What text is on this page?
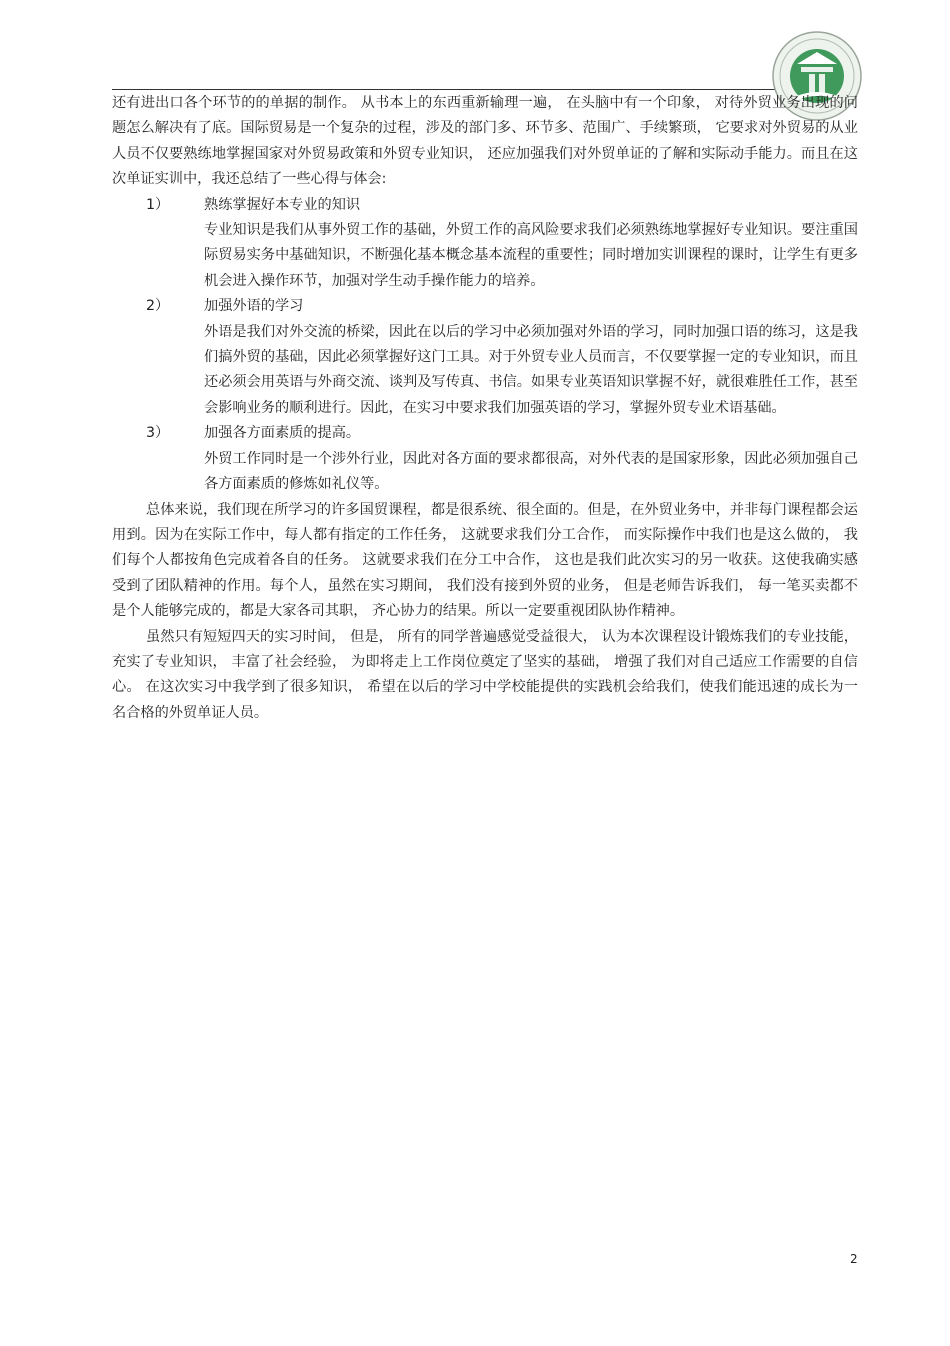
还有进出口各个环节的的单据的制作。 从书本上的东西重新输理一遍， 在头脑中有一个印象， 对待外贸业务出现的问题怎么解决有了底。国际贸易是一个复杂的过程，涉及的部门多、环节多、范围广、手续繁琐， 它要求对外贸易的从业人员不仅要熟练地掌握国家对外贸易政策和外贸专业知识， 还应加强我们对外贸单证的了解和实际动手能力。而且在这次单证实训中，我还总结了一些心得与体会:

1）	熟练掌握好本专业的知识

专业知识是我们从事外贸工作的基础，外贸工作的高风险要求我们必须熟练地掌握好专业知识。要注重国际贸易实务中基础知识，不断强化基本概念基本流程的重要性；同时增加实训课程的课时，让学生有更多机会进入操作环节，加强对学生动手操作能力的培养。

2）	加强外语的学习

外语是我们对外交流的桥梁，因此在以后的学习中必须加强对外语的学习，同时加强口语的练习，这是我们搞外贸的基础，因此必须掌握好这门工具。对于外贸专业人员而言，不仅要掌握一定的专业知识，而且还必须会用英语与外商交流、谈判及写传真、书信。如果专业英语知识掌握不好，就很难胜任工作，甚至会影响业务的顺利进行。因此，在实习中要求我们加强英语的学习，掌握外贸专业术语基础。

3）	加强各方面素质的提高。

外贸工作同时是一个涉外行业，因此对各方面的要求都很高，对外代表的是国家形象，因此必须加强自己各方面素质的修炼如礼仪等。

总体来说，我们现在所学习的许多国贸课程，都是很系统、很全面的。但是，在外贸业务中，并非每门课程都会运用到。因为在实际工作中，每人都有指定的工作任务， 这就要求我们分工合作， 而实际操作中我们也是这么做的， 我们每个人都按角色完成着各自的任务。 这就要求我们在分工中合作， 这也是我们此次实习的另一收获。这使我确实感受到了团队精神的作用。每个人，虽然在实习期间， 我们没有接到外贸的业务， 但是老师告诉我们， 每一笔买卖都不是个人能够完成的，都是大家各司其职， 齐心协力的结果。所以一定要重视团队协作精神。

虽然只有短短四天的实习时间， 但是， 所有的同学普遍感觉受益很大， 认为本次课程设计锻炼我们的专业技能，充实了专业知识， 丰富了社会经验， 为即将走上工作岗位奠定了坚实的基础， 增强了我们对自己适应工作需要的自信心。 在这次实习中我学到了很多知识， 希望在以后的学习中学校能提供的实践机会给我们，使我们能迅速的成长为一名合格的外贸单证人员。

2
